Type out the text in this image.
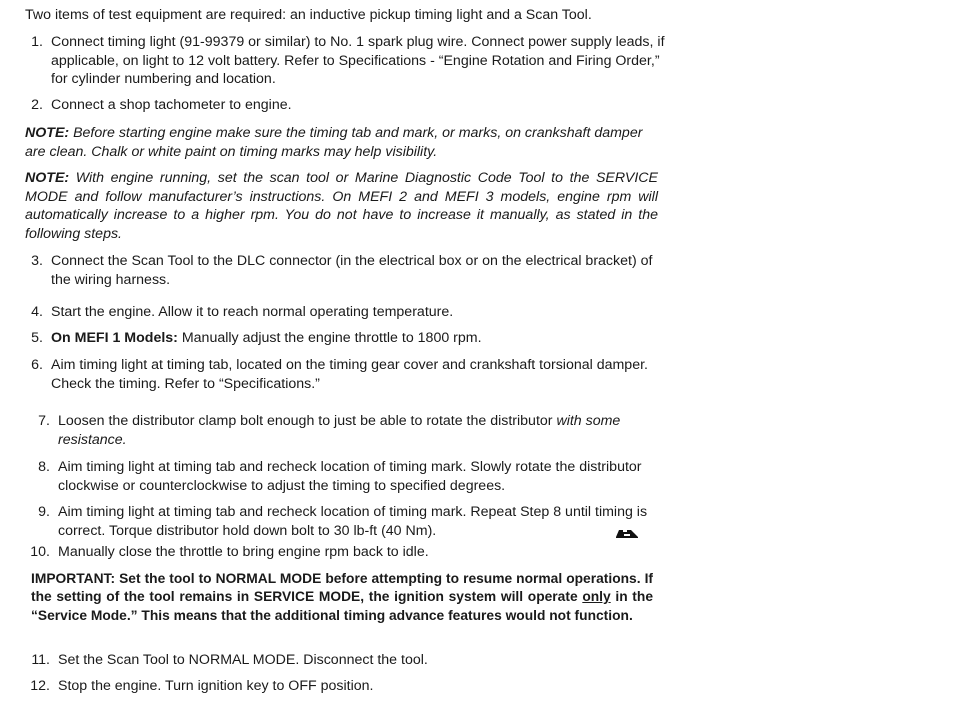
Two items of test equipment are required: an inductive pickup timing light and a Scan Tool.

1. Connect timing light (91-99379 or similar) to No. 1 spark plug wire. Connect power supply leads, if applicable, on light to 12 volt battery. Refer to Specifications - “Engine Rotation and Firing Order,” for cylinder numbering and location.
2. Connect a shop tachometer to engine.

NOTE: Before starting engine make sure the timing tab and mark, or marks, on crankshaft damper are clean. Chalk or white paint on timing marks may help visibility.

NOTE: With engine running, set the scan tool or Marine Diagnostic Code Tool to the SERVICE MODE and follow manufacturer’s instructions. On MEFI 2 and MEFI 3 models, engine rpm will automatically increase to a higher rpm. You do not have to increase it manually, as stated in the following steps.

3. Connect the Scan Tool to the DLC connector (in the electrical box or on the electrical bracket) of the wiring harness.
4. Start the engine. Allow it to reach normal operating temperature.
5. On MEFI 1 Models: Manually adjust the engine throttle to 1800 rpm.
6. Aim timing light at timing tab, located on the timing gear cover and crankshaft torsional damper. Check the timing. Refer to “Specifications.”
7. Loosen the distributor clamp bolt enough to just be able to rotate the distributor with some resistance.
8. Aim timing light at timing tab and recheck location of timing mark. Slowly rotate the distributor clockwise or counterclockwise to adjust the timing to specified degrees.
9. Aim timing light at timing tab and recheck location of timing mark. Repeat Step 8 until timing is correct. Torque distributor hold down bolt to 30 lb-ft (40 Nm).
10. Manually close the throttle to bring engine rpm back to idle.

IMPORTANT: Set the tool to NORMAL MODE before attempting to resume normal operations. If the setting of the tool remains in SERVICE MODE, the ignition system will operate only in the “Service Mode.” This means that the additional timing advance features would not function.

11. Set the Scan Tool to NORMAL MODE. Disconnect the tool.
12. Stop the engine. Turn ignition key to OFF position.
